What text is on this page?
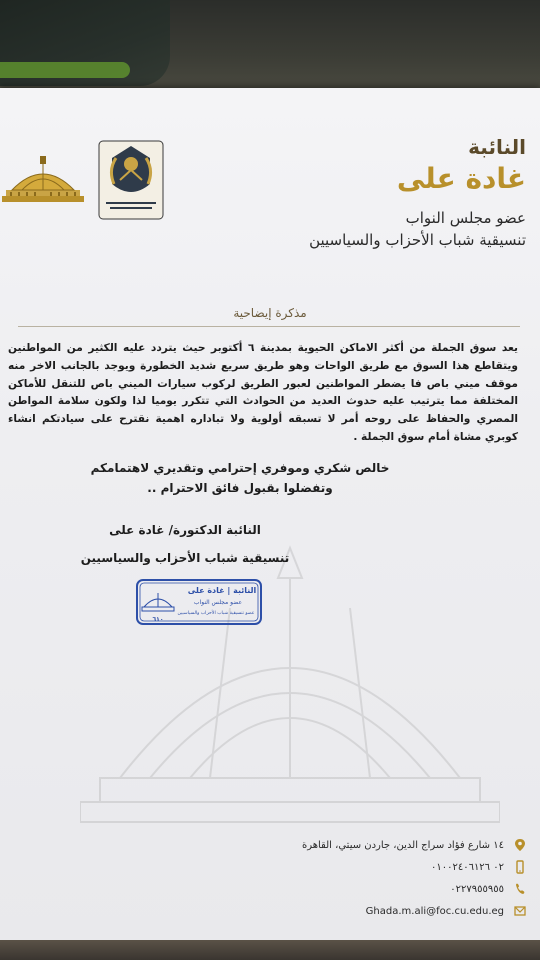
النائبة

غادة على

عضو مجلس النواب

تنسيقية شباب الأحزاب والسياسيين

مذكرة إيضاحية
يعد سوق الجملة من أكثر الاماكن الحيوية بمدينة ٦ أكتوبر حيث يتردد عليه الكثير من المواطنين ويتقاطع هذا السوق مع طريق الواحات وهو طريق سريع شديد الخطورة ويوجد بالجانب الاخر منه موقف ميني باص فا يضطر المواطنين لعبور الطريق لركوب سيارات الميني باص للتنقل للأماكن المختلفة مما يترتيب عليه حدوث العديد من الحوادث التي تتكرر يوميا لذا ولكون سلامة المواطن المصري والحفاظ على روحه أمر لا تسبقه أولوية ولا تباداره اهمية نقترح على سيادتكم انشاء كوبري مشاة أمام سوق الجملة .
خالص شكري وموفري إحترامي وتقديري لاهتمامكم
وتفضلوا بقبول فائق الاحترام ..
النائبة الدكتورة/ غادة على
تنسيقية شباب الأحزاب والسياسيين
النائبة | غادة على
عضو مجلس النواب
عضو تنسيقية شباب الأحزاب والسياسيين
٦١٠
١٤ شارع فؤاد سراج الدين، جاردن سيتي، القاهرة
٠٢ ٠١٠٠٢٤٠٦١٢٦
٠٢٢٧٩٥٥٩٥٥
Ghada.m.ali@foc.cu.edu.eg
